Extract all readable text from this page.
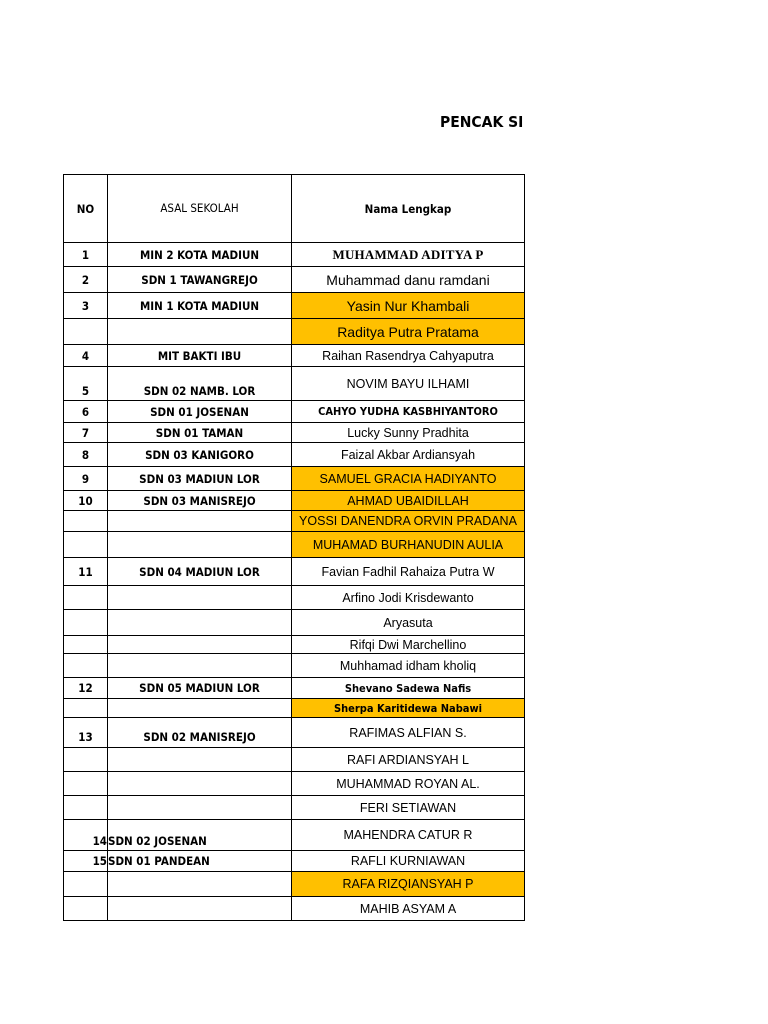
PENCAK SI
NO	ASAL SEKOLAH	Nama Lengkap
1	MIN 2 KOTA MADIUN	MUHAMMAD ADITYA P
2	SDN 1 TAWANGREJO	Muhammad danu ramdani
3	MIN 1 KOTA MADIUN	Yasin Nur Khambali
		Raditya Putra Pratama
4	MIT BAKTI IBU	Raihan Rasendrya Cahyaputra
5	SDN 02 NAMB. LOR	NOVIM BAYU ILHAMI
6	SDN 01 JOSENAN	CAHYO YUDHA KASBHIYANTORO
7	SDN 01 TAMAN	Lucky Sunny Pradhita
8	SDN 03 KANIGORO	Faizal Akbar Ardiansyah
9	SDN 03 MADIUN LOR	SAMUEL GRACIA HADIYANTO
10	SDN 03 MANISREJO	AHMAD UBAIDILLAH
		YOSSI DANENDRA ORVIN PRADANA
		MUHAMAD BURHANUDIN AULIA
11	SDN 04 MADIUN LOR	Favian Fadhil Rahaiza Putra W
		Arfino Jodi Krisdewanto
		Aryasuta
		Rifqi Dwi Marchellino
		Muhhamad idham kholiq
12	SDN 05 MADIUN LOR	Shevano Sadewa Nafis
		Sherpa Karitidewa Nabawi
13	SDN 02 MANISREJO	RAFIMAS ALFIAN S.
		RAFI ARDIANSYAH L
		MUHAMMAD ROYAN AL.
		FERI SETIAWAN
14	SDN 02 JOSENAN	MAHENDRA CATUR R
15	SDN 01 PANDEAN	RAFLI KURNIAWAN
		RAFA RIZQIANSYAH P
		MAHIB ASYAM A
